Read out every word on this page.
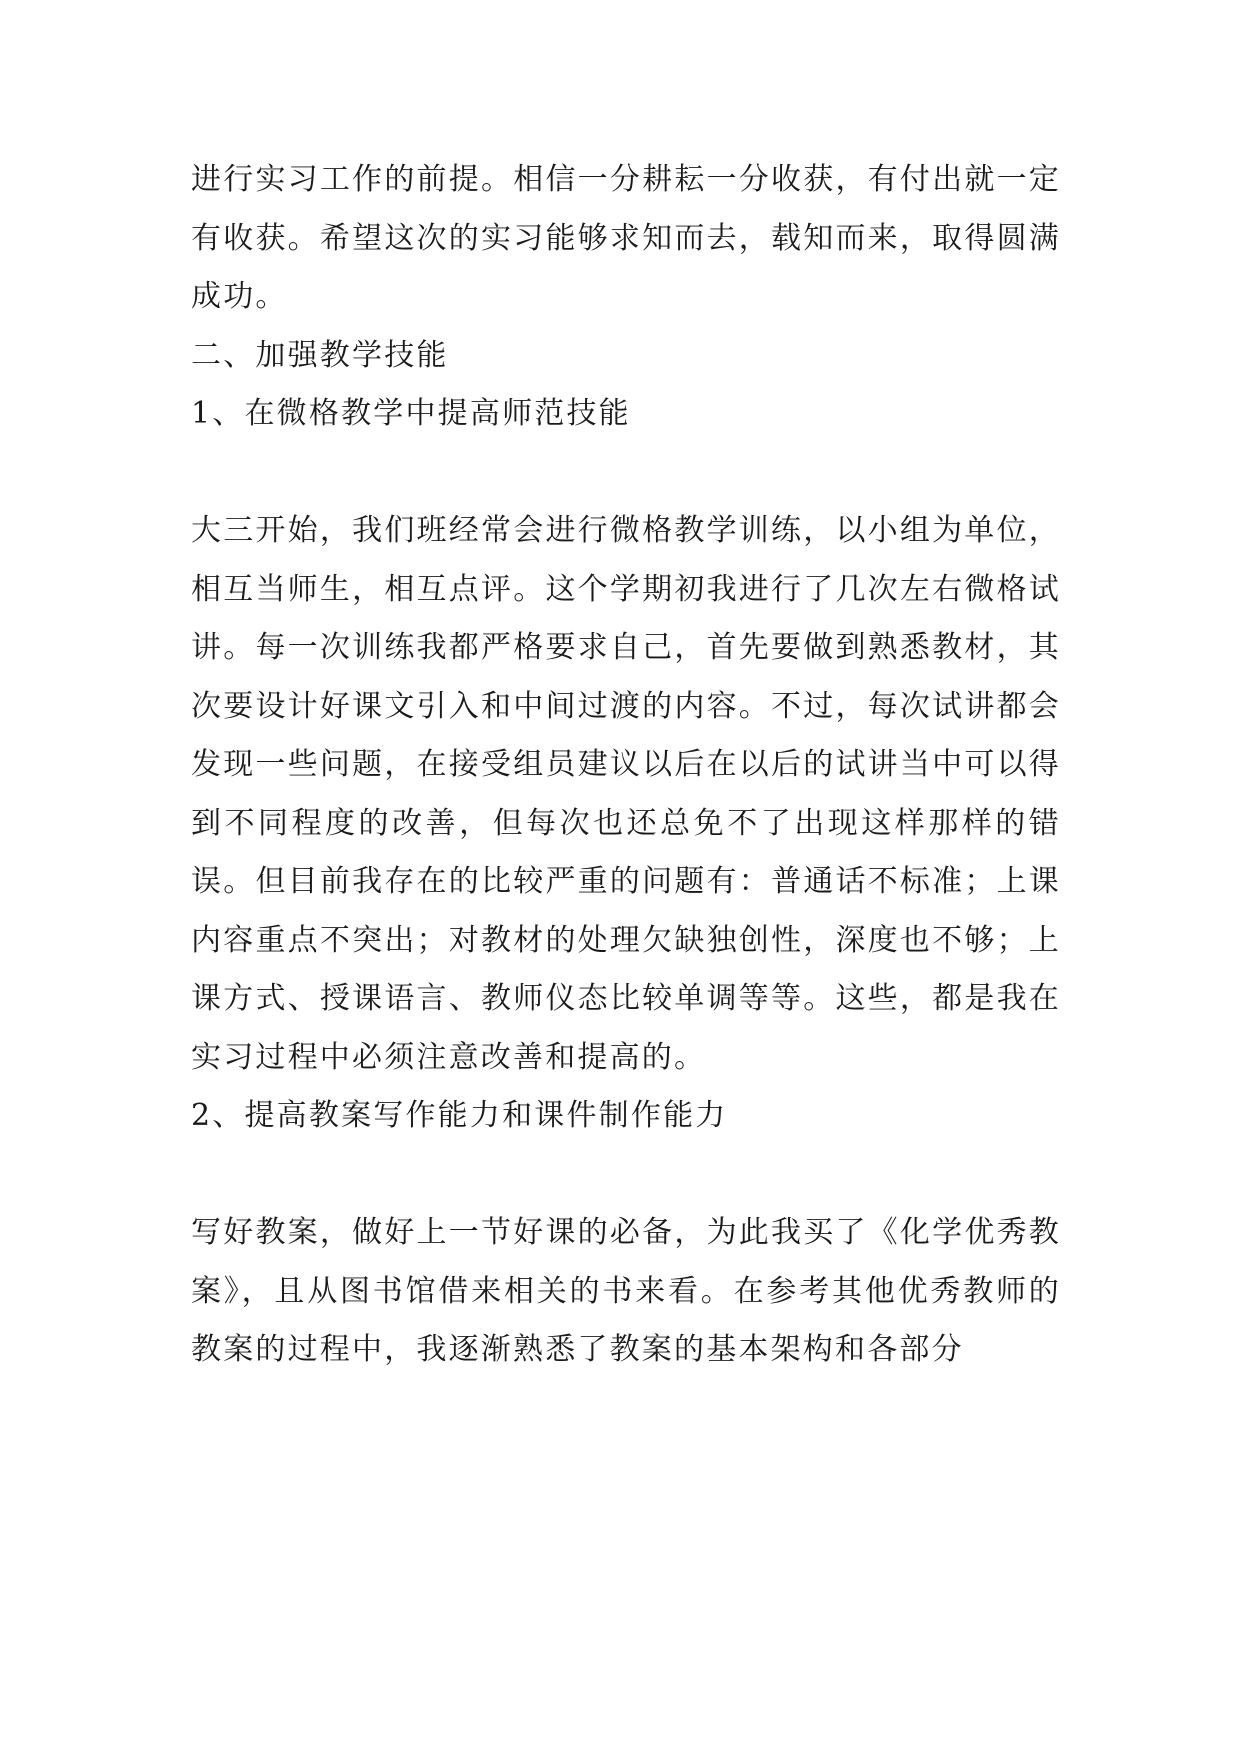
进行实习工作的前提。相信一分耕耘一分收获，有付出就一定有收获。希望这次的实习能够求知而去，载知而来，取得圆满成功。

二、加强教学技能

1、在微格教学中提高师范技能

大三开始，我们班经常会进行微格教学训练，以小组为单位，相互当师生，相互点评。这个学期初我进行了几次左右微格试讲。每一次训练我都严格要求自己，首先要做到熟悉教材，其次要设计好课文引入和中间过渡的内容。不过，每次试讲都会发现一些问题，在接受组员建议以后在以后的试讲当中可以得到不同程度的改善，但每次也还总免不了出现这样那样的错误。但目前我存在的比较严重的问题有：普通话不标准；上课内容重点不突出；对教材的处理欠缺独创性，深度也不够；上课方式、授课语言、教师仪态比较单调等等。这些，都是我在实习过程中必须注意改善和提高的。

2、提高教案写作能力和课件制作能力

写好教案，做好上一节好课的必备，为此我买了《化学优秀教案》，且从图书馆借来相关的书来看。在参考其他优秀教师的教案的过程中，我逐渐熟悉了教案的基本架构和各部分
